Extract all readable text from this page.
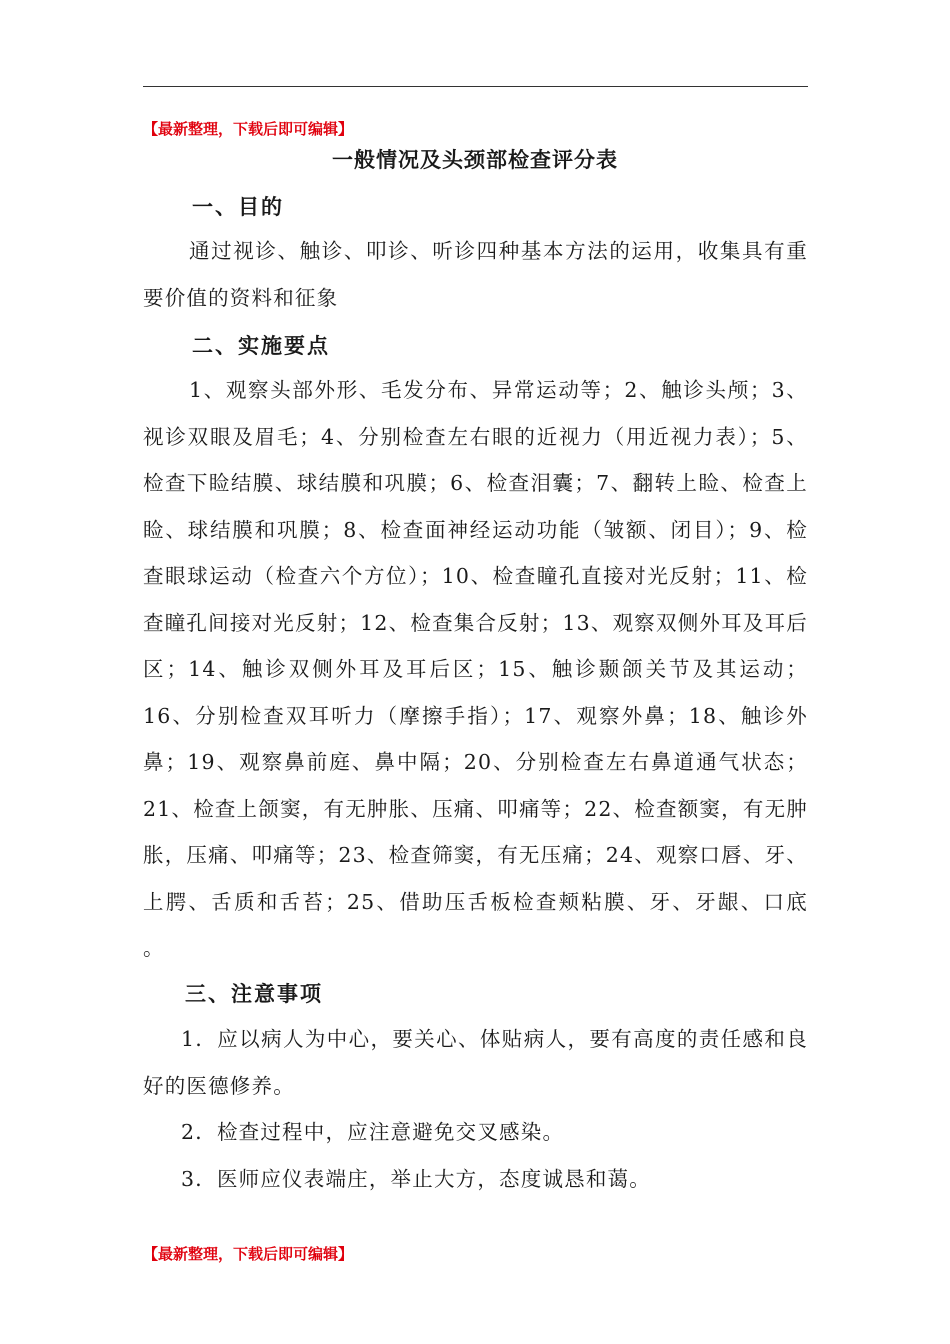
【最新整理，下载后即可编辑】
一般情况及头颈部检查评分表
一、目的

通过视诊、触诊、叩诊、听诊四种基本方法的运用，收集具有重要价值的资料和征象

二、实施要点

1、观察头部外形、毛发分布、异常运动等；2、触诊头颅；3、视诊双眼及眉毛；4、分别检查左右眼的近视力（用近视力表）；5、检查下睑结膜、球结膜和巩膜；6、检查泪囊；7、翻转上睑、检查上睑、球结膜和巩膜；8、检查面神经运动功能（皱额、闭目）；9、检查眼球运动（检查六个方位）；10、检查瞳孔直接对光反射；11、检查瞳孔间接对光反射；12、检查集合反射；13、观察双侧外耳及耳后区；14、触诊双侧外耳及耳后区；15、触诊颞颌关节及其运动；16、分别检查双耳听力（摩擦手指）；17、观察外鼻；18、触诊外鼻；19、观察鼻前庭、鼻中隔；20、分别检查左右鼻道通气状态；21、检查上颌窦，有无肿胀、压痛、叩痛等；22、检查额窦，有无肿胀，压痛、叩痛等；23、检查筛窦，有无压痛；24、观察口唇、牙、上腭、舌质和舌苔；25、借助压舌板检查颊粘膜、牙、牙龈、口底 。

三、注意事项
1．应以病人为中心，要关心、体贴病人，要有高度的责任感和良好的医德修养。
2．检查过程中，应注意避免交叉感染。
3．医师应仪表端庄，举止大方，态度诚恳和蔼。
【最新整理，下载后即可编辑】
